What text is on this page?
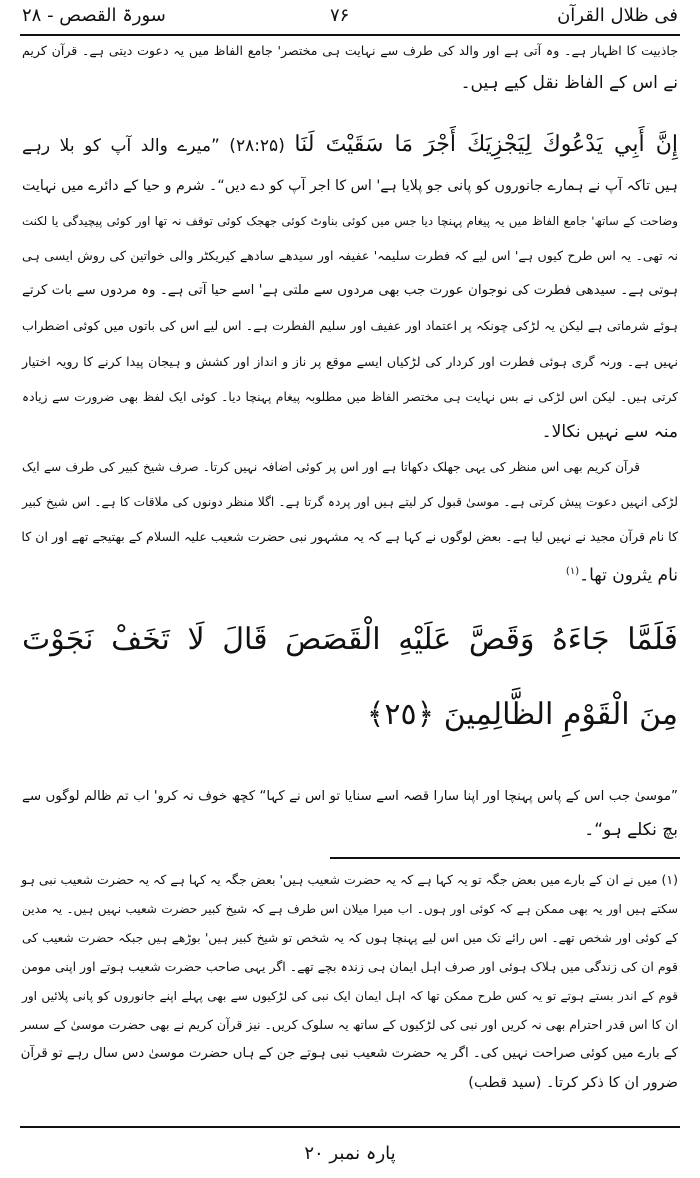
فی ظلال القرآن
۷۶
سورۃ القصص - ۲۸
جاذبیت کا اظہار ہے۔ وہ آتی ہے اور والد کی طرف سے نہایت ہی مختصر' جامع الفاظ میں یہ دعوت دیتی ہے۔ قرآن کریم
نے اس کے الفاظ نقل کیے ہیں۔
إِنَّ أَبِي يَدْعُوكَ لِيَجْزِيَكَ أَجْرَ مَا سَقَيْتَ لَنَا (۲۸:۲۵) ”میرے والد آپ کو بلا رہے
ہیں تاکہ آپ نے ہمارے جانوروں کو پانی جو پلایا ہے' اس کا اجر آپ کو دے دیں“۔ شرم و حیا کے دائرے میں نہایت
وضاحت کے ساتھ' جامع الفاظ میں یہ پیغام پہنچا دیا جس میں کوئی بناوٹ کوئی جھجک کوئی توقف نہ تھا اور کوئی پیچیدگی یا لکنت
نہ تھی۔ یہ اس طرح کیوں ہے' اس لیے کہ فطرت سلیمہ' عفیفہ اور سیدھے سادھے کیریکٹر والی خواتین کی روش ایسی ہی
ہوتی ہے۔ سیدھی فطرت کی نوجوان عورت جب بھی مردوں سے ملتی ہے' اسے حیا آتی ہے۔ وہ مردوں سے بات کرتے
ہوئے شرماتی ہے لیکن یہ لڑکی چونکہ پر اعتماد اور عفیف اور سلیم الفطرت ہے۔ اس لیے اس کی باتوں میں کوئی اضطراب
نہیں ہے۔ ورنہ گری ہوئی فطرت اور کردار کی لڑکیاں ایسے موقع پر ناز و انداز اور کشش و ہیجان پیدا کرنے کا رویہ اختیار
کرتی ہیں۔ لیکن اس لڑکی نے بس نہایت ہی مختصر الفاظ میں مطلوبہ پیغام پہنچا دیا۔ کوئی ایک لفظ بھی ضرورت سے زیادہ
منہ سے نہیں نکالا۔
قرآن کریم بھی اس منظر کی یہی جھلک دکھاتا ہے اور اس پر کوئی اضافہ نہیں کرتا۔ صرف شیخ کبیر کی طرف سے ایک
لڑکی انہیں دعوت پیش کرتی ہے۔ موسیٰ قبول کر لیتے ہیں اور پردہ گرتا ہے۔ اگلا منظر دونوں کی ملاقات کا ہے۔ اس شیخ کبیر
کا نام قرآن مجید نے نہیں لیا ہے۔ بعض لوگوں نے کہا ہے کہ یہ مشہور نبی حضرت شعیب علیہ السلام کے بھتیجے تھے اور ان کا
نام یثرون تھا۔$^{(۱)}$
فَلَمَّا جَاءَهُ وَقَصَّ عَلَيْهِ الْقَصَصَ قَالَ لَا تَخَفْ نَجَوْتَ
مِنَ الْقَوْمِ الظَّالِمِينَ ﴿٢٥﴾
”موسیٰ جب اس کے پاس پہنچا اور اپنا سارا قصہ اسے سنایا تو اس نے کہا“ کچھ خوف نہ کرو' اب تم ظالم لوگوں سے
بچ نکلے ہو“۔
(۱) میں نے ان کے بارے میں بعض جگہ تو یہ کہا ہے کہ یہ حضرت شعیب ہیں' بعض جگہ یہ کہا ہے کہ یہ حضرت شعیب نبی ہو
سکتے ہیں اور یہ بھی ممکن ہے کہ کوئی اور ہوں۔ اب میرا میلان اس طرف ہے کہ شیخ کبیر حضرت شعیب نہیں ہیں۔ یہ مدین
کے کوئی اور شخص تھے۔ اس رائے تک میں اس لیے پہنچا ہوں کہ یہ شخص تو شیخ کبیر ہیں' بوڑھے ہیں جبکہ حضرت شعیب کی
قوم ان کی زندگی میں ہلاک ہوئی اور صرف اہل ایمان ہی زندہ بچے تھے۔ اگر یہی صاحب حضرت شعیب ہوتے اور اپنی مومن
قوم کے اندر بستے ہوتے تو یہ کس طرح ممکن تھا کہ اہل ایمان ایک نبی کی لڑکیوں سے بھی پہلے اپنے جانوروں کو پانی پلائیں اور
ان کا اس قدر احترام بھی نہ کریں اور نبی کی لڑکیوں کے ساتھ یہ سلوک کریں۔ نیز قرآن کریم نے بھی حضرت موسیٰ کے سسر
کے بارے میں کوئی صراحت نہیں کی۔ اگر یہ حضرت شعیب نبی ہوتے جن کے ہاں حضرت موسیٰ دس سال رہے تو قرآن
ضرور ان کا ذکر کرتا۔ (سید قطب)
پارہ نمبر ۲۰
